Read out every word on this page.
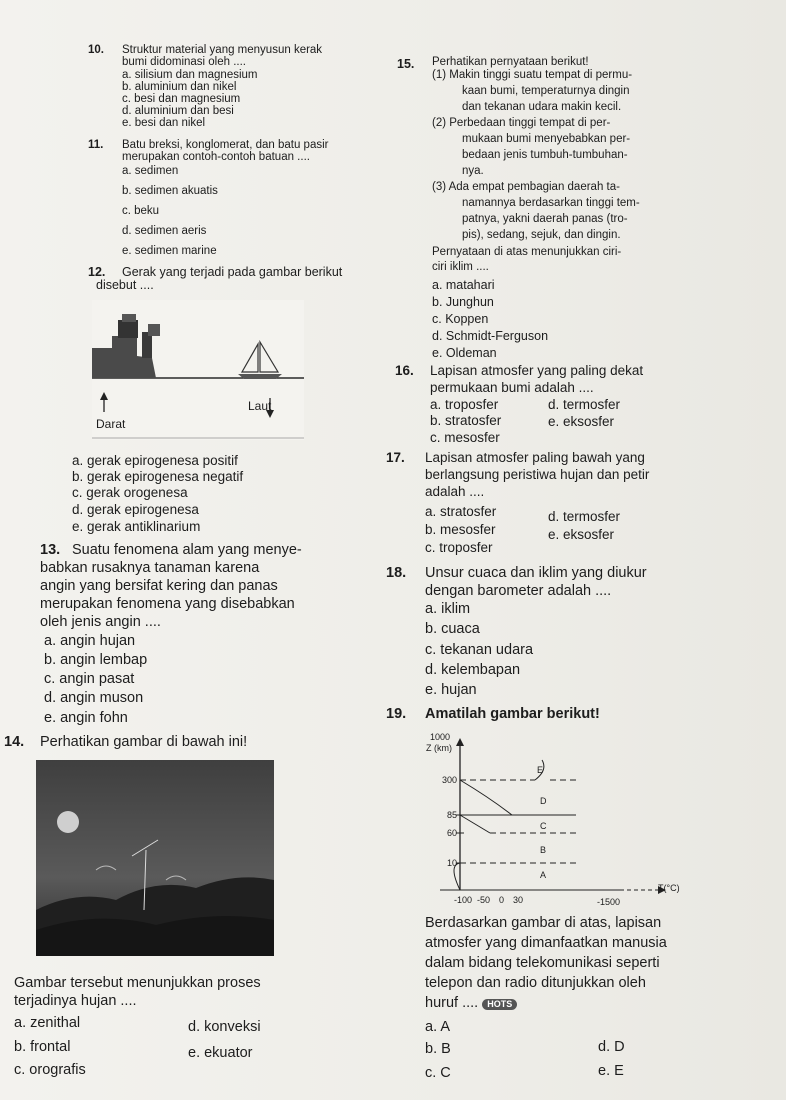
10. Struktur material yang menyusun kerak
bumi didominasi oleh ....
a. silisium dan magnesium
b. aluminium dan nikel
c. besi dan magnesium
d. aluminium dan besi
e. besi dan nikel
11. Batu breksi, konglomerat, dan batu pasir
merupakan contoh-contoh batuan ....
a. sedimen
b. sedimen akuatis
c. beku
d. sedimen aeris
e. sedimen marine
12. Gerak yang terjadi pada gambar berikut
disebut ....
Darat
Laut
a. gerak epirogenesa positif
b. gerak epirogenesa negatif
c. gerak orogenesa
d. gerak epirogenesa
e. gerak antiklinarium
13. Suatu fenomena alam yang menye-
babkan rusaknya tanaman karena
angin yang bersifat kering dan panas
merupakan fenomena yang disebabkan
oleh jenis angin ....
a. angin hujan
b. angin lembap
c. angin pasat
d. angin muson
e. angin fohn
14. Perhatikan gambar di bawah ini!
Gambar tersebut menunjukkan proses
terjadinya hujan ....
a. zenithal
b. frontal
c. orografis
d. konveksi
e. ekuator
15. Perhatikan pernyataan berikut!
(1) Makin tinggi suatu tempat di permu-
kaan bumi, temperaturnya dingin
dan tekanan udara makin kecil.
(2) Perbedaan tinggi tempat di per-
mukaan bumi menyebabkan per-
bedaan jenis tumbuh-tumbuhan-
nya.
(3) Ada empat pembagian daerah ta-
namannya berdasarkan tinggi tem-
patnya, yakni daerah panas (tro-
pis), sedang, sejuk, dan dingin.
Pernyataan di atas menunjukkan ciri-
ciri iklim ....
a. matahari
b. Junghun
c. Koppen
d. Schmidt-Ferguson
e. Oldeman
16. Lapisan atmosfer yang paling dekat
permukaan bumi adalah ....
a. troposfer
b. stratosfer
c. mesosfer
d. termosfer
e. eksosfer
17. Lapisan atmosfer paling bawah yang
berlangsung peristiwa hujan dan petir
adalah ....
a. stratosfer
b. mesosfer
c. troposfer
d. termosfer
e. eksosfer
18. Unsur cuaca dan iklim yang diukur
dengan barometer adalah ....
a. iklim
b. cuaca
c. tekanan udara
d. kelembapan
e. hujan
19. Amatilah gambar berikut!
1000
Z (km)
300
85
60
10
E
D
C
B
A
T(°C)
-100 -50 0 30	-1500
Berdasarkan gambar di atas, lapisan
atmosfer yang dimanfaatkan manusia
dalam bidang telekomunikasi seperti
telepon dan radio ditunjukkan oleh
huruf .... HOTS
a. A
b. B
c. C
d. D
e. E
